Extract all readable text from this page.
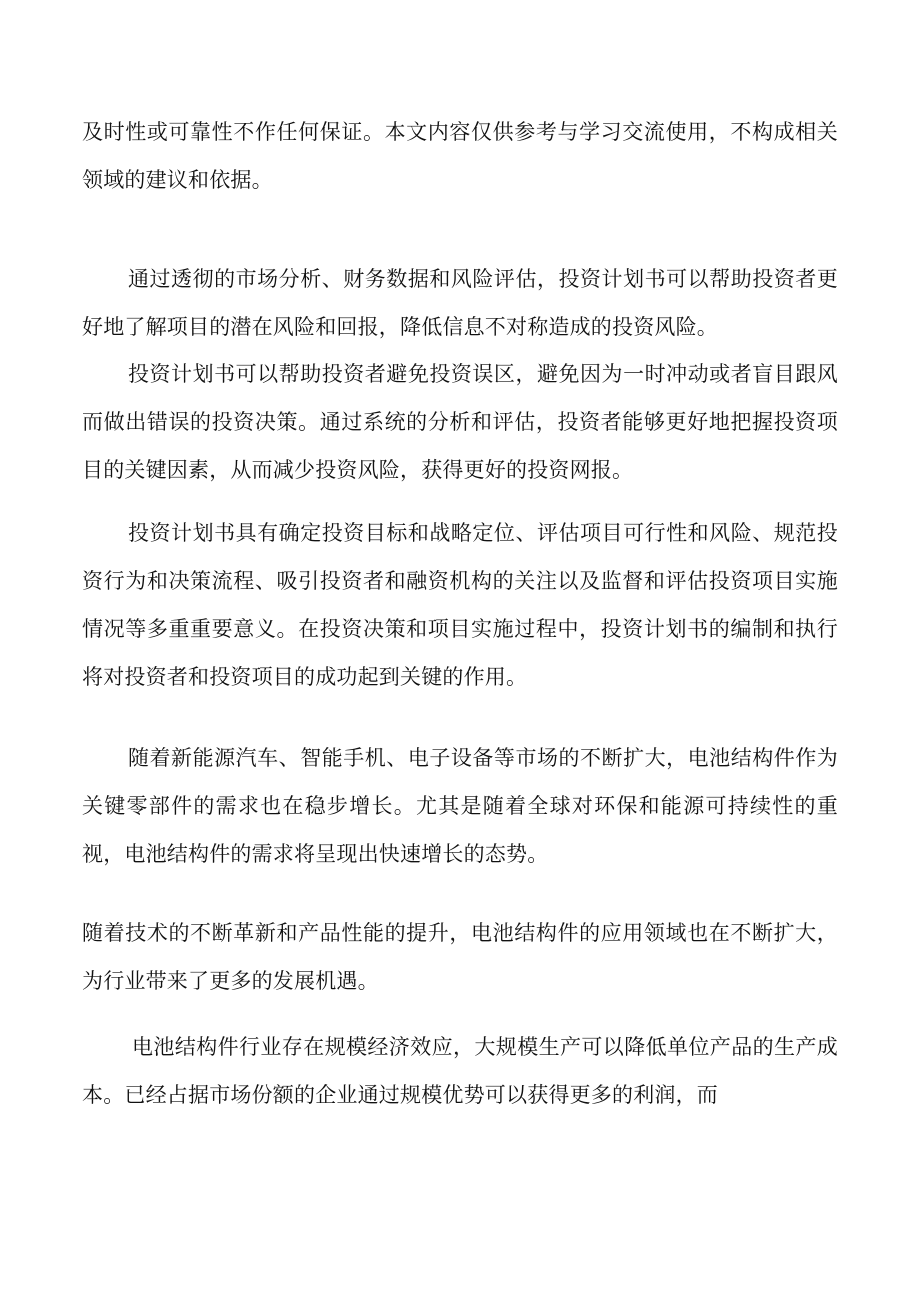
及时性或可靠性不作任何保证。本文内容仅供参考与学习交流使用，不构成相关领域的建议和依据。

通过透彻的市场分析、财务数据和风险评估，投资计划书可以帮助投资者更好地了解项目的潜在风险和回报，降低信息不对称造成的投资风险。

投资计划书可以帮助投资者避免投资误区，避免因为一时冲动或者盲目跟风而做出错误的投资决策。通过系统的分析和评估，投资者能够更好地把握投资项目的关键因素，从而减少投资风险，获得更好的投资网报。

投资计划书具有确定投资目标和战略定位、评估项目可行性和风险、规范投资行为和决策流程、吸引投资者和融资机构的关注以及监督和评估投资项目实施情况等多重重要意义。在投资决策和项目实施过程中，投资计划书的编制和执行将对投资者和投资项目的成功起到关键的作用。

随着新能源汽车、智能手机、电子设备等市场的不断扩大，电池结构件作为关键零部件的需求也在稳步增长。尤其是随着全球对环保和能源可持续性的重视，电池结构件的需求将呈现出快速增长的态势。

随着技术的不断革新和产品性能的提升，电池结构件的应用领域也在不断扩大，为行业带来了更多的发展机遇。

电池结构件行业存在规模经济效应，大规模生产可以降低单位产品的生产成本。已经占据市场份额的企业通过规模优势可以获得更多的利润，而
